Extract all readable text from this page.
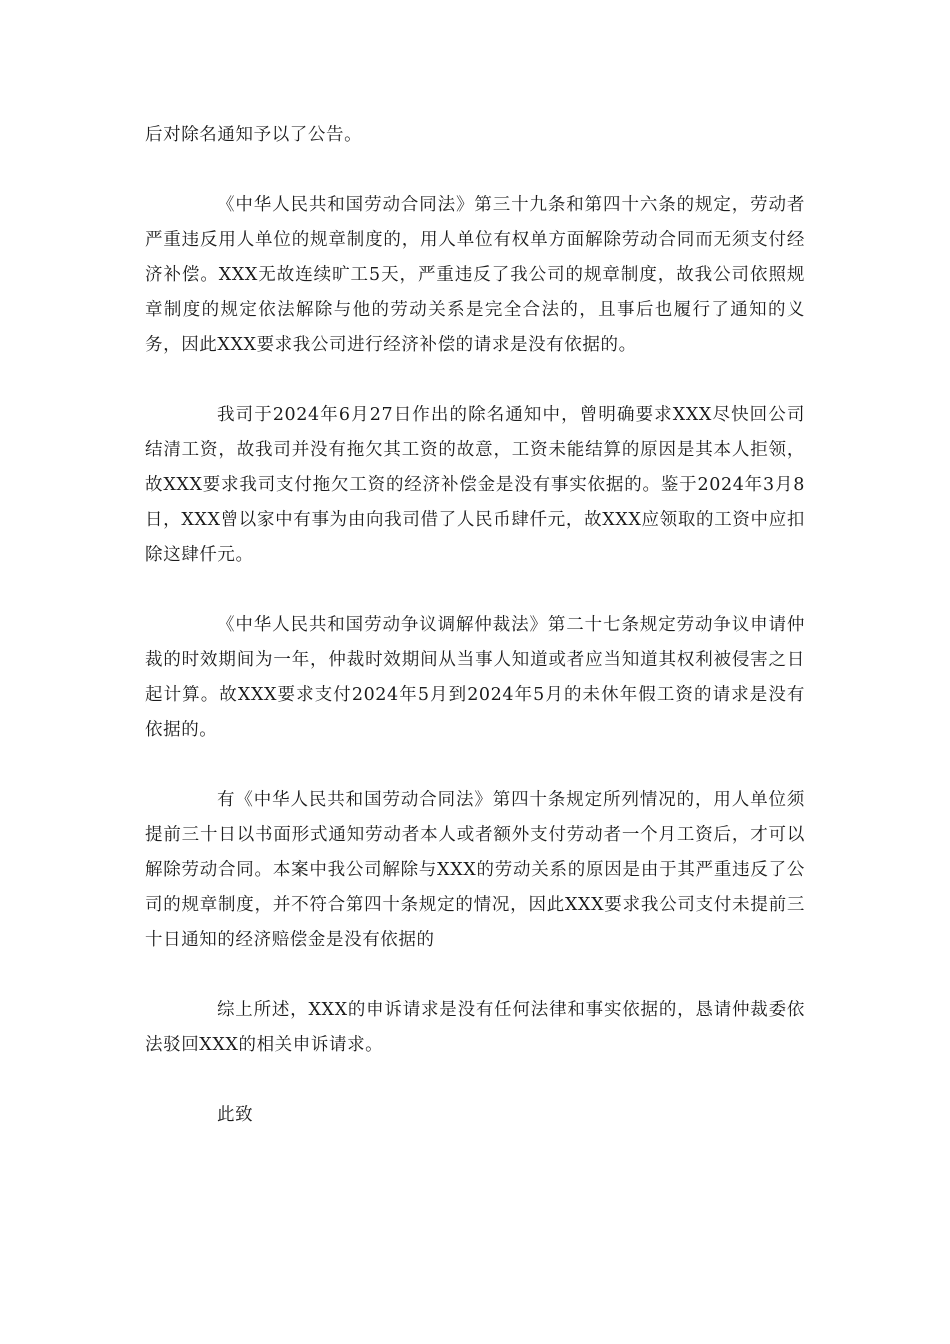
后对除名通知予以了公告。

《中华人民共和国劳动合同法》第三十九条和第四十六条的规定，劳动者严重违反用人单位的规章制度的，用人单位有权单方面解除劳动合同而无须支付经济补偿。XXX无故连续旷工5天，严重违反了我公司的规章制度，故我公司依照规章制度的规定依法解除与他的劳动关系是完全合法的，且事后也履行了通知的义务，因此XXX要求我公司进行经济补偿的请求是没有依据的。

我司于2024年6月27日作出的除名通知中，曾明确要求XXX尽快回公司结清工资，故我司并没有拖欠其工资的故意，工资未能结算的原因是其本人拒领，故XXX要求我司支付拖欠工资的经济补偿金是没有事实依据的。鉴于2024年3月8日，XXX曾以家中有事为由向我司借了人民币肆仟元，故XXX应领取的工资中应扣除这肆仟元。

《中华人民共和国劳动争议调解仲裁法》第二十七条规定劳动争议申请仲裁的时效期间为一年，仲裁时效期间从当事人知道或者应当知道其权利被侵害之日起计算。故XXX要求支付2024年5月到2024年5月的未休年假工资的请求是没有依据的。

有《中华人民共和国劳动合同法》第四十条规定所列情况的，用人单位须提前三十日以书面形式通知劳动者本人或者额外支付劳动者一个月工资后，才可以解除劳动合同。本案中我公司解除与XXX的劳动关系的原因是由于其严重违反了公司的规章制度，并不符合第四十条规定的情况，因此XXX要求我公司支付未提前三十日通知的经济赔偿金是没有依据的

综上所述，XXX的申诉请求是没有任何法律和事实依据的，恳请仲裁委依法驳回XXX的相关申诉请求。

此致
